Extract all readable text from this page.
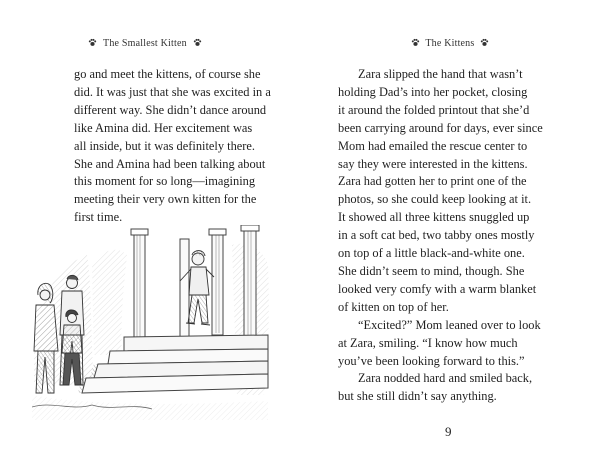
The Smallest Kitten

go and meet the kittens, of course she

did. It was just that she was excited in a

different way. She didn’t dance around

like Amina did. Her excitement was

all inside, but it was definitely there.

She and Amina had been talking about

this moment for so long—imagining

meeting their very own kitten for the

first time.

The Kittens
Zara slipped the hand that wasn’t
holding Dad’s into her pocket, closing
it around the folded printout that she’d
been carrying around for days, ever since
Mom had emailed the rescue center to
say they were interested in the kittens.
Zara had gotten her to print one of the
photos, so she could keep looking at it.
It showed all three kittens snuggled up
in a soft cat bed, two tabby ones mostly
on top of a little black-and-white one.
She didn’t seem to mind, though. She
looked very comfy with a warm blanket
of kitten on top of her.
“Excited?” Mom leaned over to look
at Zara, smiling. “I know how much
you’ve been looking forward to this.”
Zara nodded hard and smiled back,
but she still didn’t say anything.
9
